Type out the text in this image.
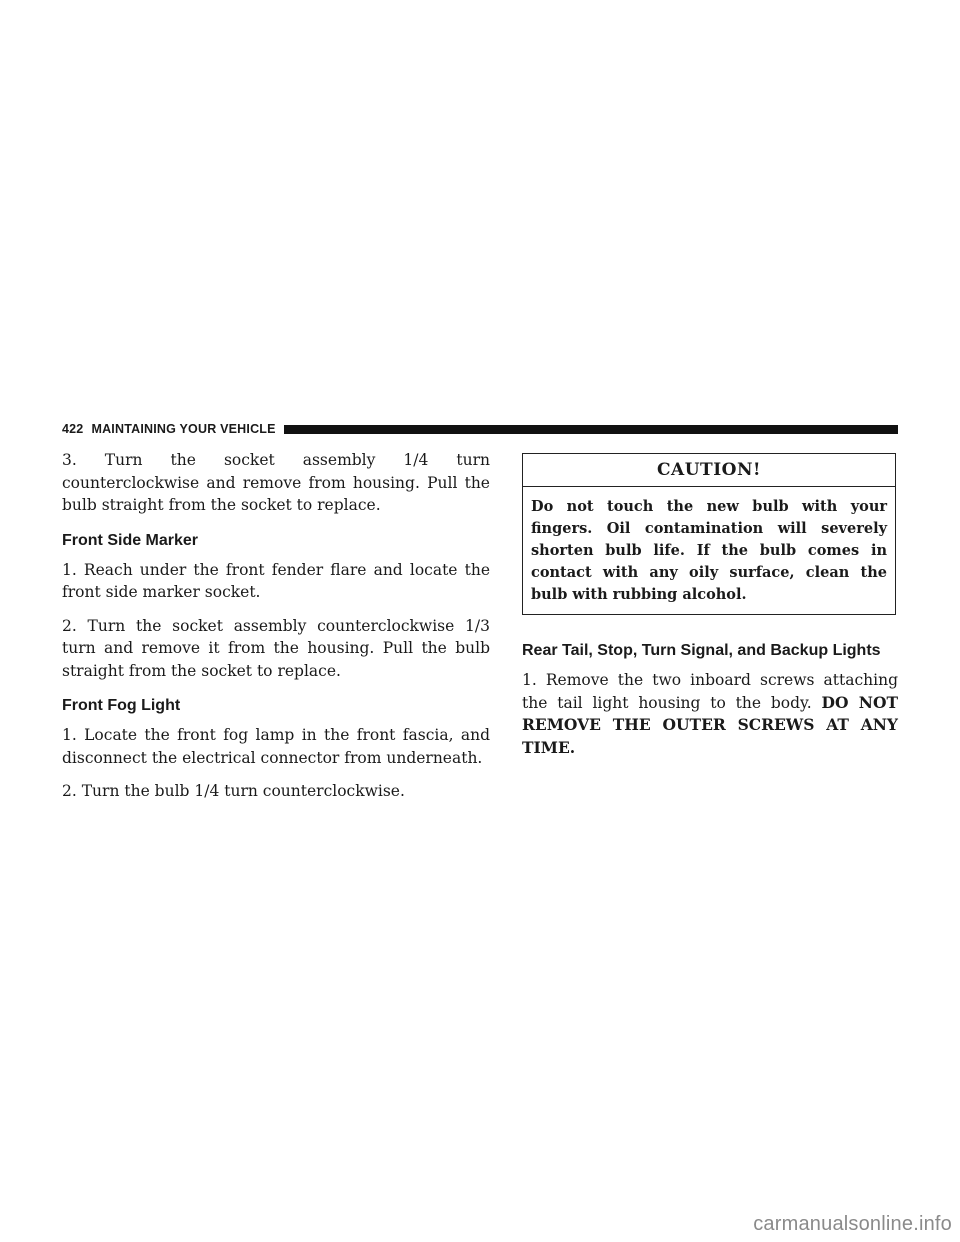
422 MAINTAINING YOUR VEHICLE

3. Turn the socket assembly 1/4 turn counterclockwise and remove from housing. Pull the bulb straight from the socket to replace.

Front Side Marker

1. Reach under the front fender flare and locate the front side marker socket.

2. Turn the socket assembly counterclockwise 1/3 turn and remove it from the housing. Pull the bulb straight from the socket to replace.

Front Fog Light

1. Locate the front fog lamp in the front fascia, and disconnect the electrical connector from underneath.

2. Turn the bulb 1/4 turn counterclockwise.

CAUTION!
Do not touch the new bulb with your fingers. Oil contamination will severely shorten bulb life. If the bulb comes in contact with any oily surface, clean the bulb with rubbing alcohol.
Rear Tail, Stop, Turn Signal, and Backup Lights

1. Remove the two inboard screws attaching the tail light housing to the body. DO NOT REMOVE THE OUTER SCREWS AT ANY TIME.

carmanualsonline.info
